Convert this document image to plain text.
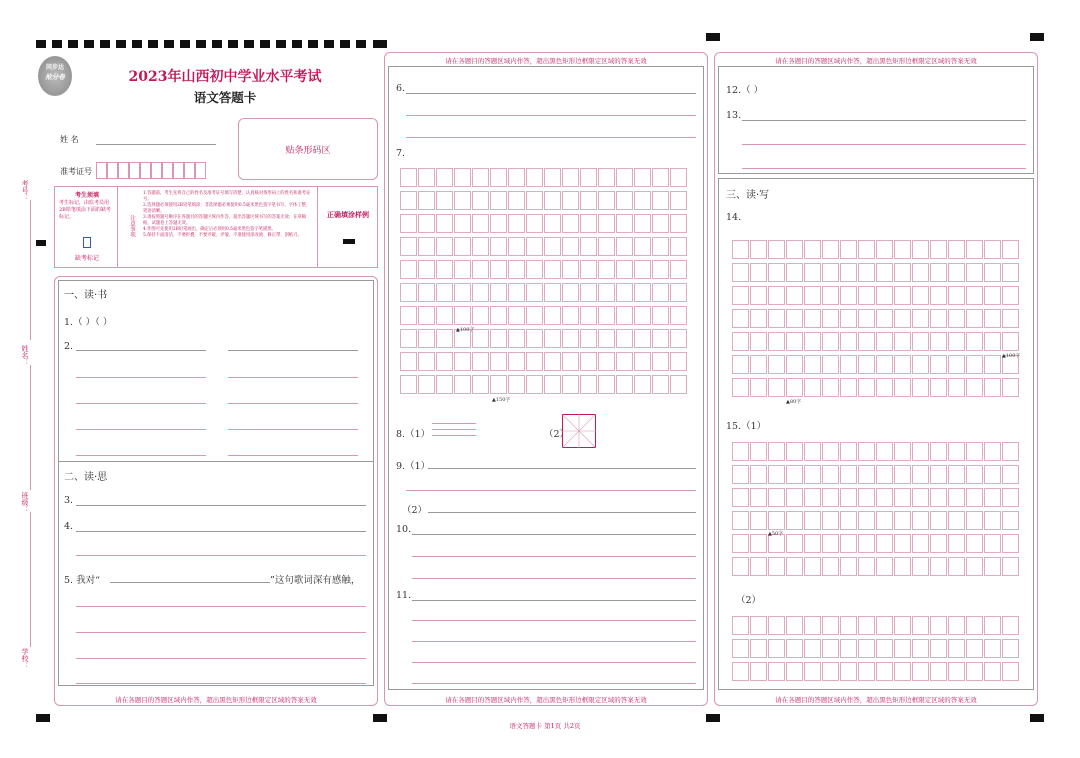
考号：
姓名：
班级：
学校：
同步达
抢分卷	2023年山西初中学业水平考试
语文答题卡
姓 名
准考证号
贴条形码区
考生须填
考生标记，由监考员用2B铅笔填涂下面的缺考标记。
缺考标记
注意事项
1.答题前，考生先将自己的姓名及准考证号填写清楚，认真核对条形码上的姓名和准考证号。
2.选择题必须使用2B铅笔填涂；非选择题必须使用0.5毫米黑色签字笔书写，字体工整，笔迹清晰。
3.请按照题号顺序在各题目的答题区域内作答，超出答题区域书写的答案无效；在草稿纸、试题卷上答题无效。
4.作图可先使用2B铅笔画出，确定后必须用0.5毫米黑色签字笔描黑。
5.保持卡面清洁，不要折叠，不要弄破、弄皱，不准使用涂改液、修正带、刮纸刀。
正确填涂样例
一、读·书
1.（ ）（ ）
2.
二、读·思
3.
4.
5. 我对“	”这句歌词深有感触，
请在各题目的答题区域内作答，超出黑色矩形边框限定区域的答案无效
请在各题目的答题区域内作答，超出黑色矩形边框限定区域的答案无效
6.
7.
▲100字
▲150字
8.（1）	（2）
9.（1）
（2）
10.
11.
请在各题目的答题区域内作答，超出黑色矩形边框限定区域的答案无效
请在各题目的答题区域内作答，超出黑色矩形边框限定区域的答案无效
12.（ ）
13.
三、读·写
14.
▲100字
▲80字
15.（1）
▲50字
（2）
请在各题目的答题区域内作答，超出黑色矩形边框限定区域的答案无效
语文答题卡 第1页 共2页
